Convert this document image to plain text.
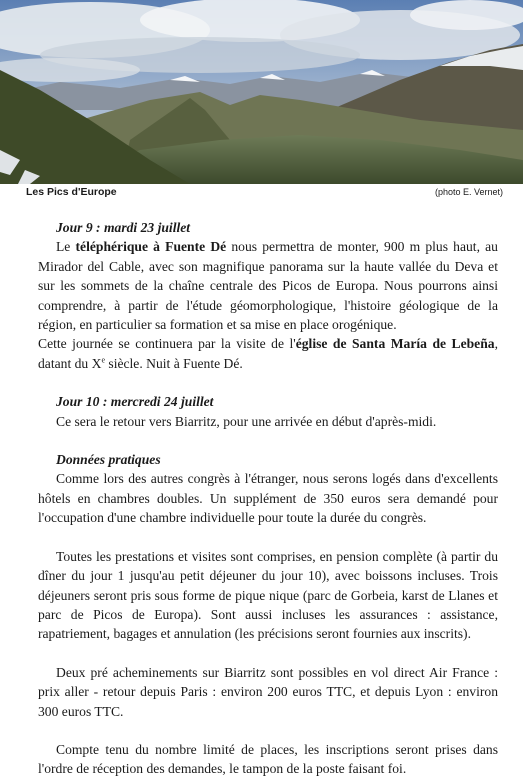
Les Pics d'Europe	(photo E. Vernet)

Jour 9 : mardi 23 juillet

Le téléphérique à Fuente Dé nous permettra de monter, 900 m plus haut, au Mirador del Cable, avec son magnifique panorama sur la haute vallée du Deva et sur les sommets de la chaîne centrale des Picos de Europa. Nous pourrons ainsi comprendre, à partir de l'étude géomorphologique, l'histoire géologique de la région, en particulier sa formation et sa mise en place orogénique.

Cette journée se continuera par la visite de l'église de Santa María de Lebeña, datant du Xe siècle. Nuit à Fuente Dé.

Jour 10 : mercredi 24 juillet

Ce sera le retour vers Biarritz, pour une arrivée en début d'après-midi.

Données pratiques

Comme lors des autres congrès à l'étranger, nous serons logés dans d'excellents hôtels en chambres doubles. Un supplément de 350 euros sera demandé pour l'occupation d'une chambre individuelle pour toute la durée du congrès.

Toutes les prestations et visites sont comprises, en pension complète (à partir du dîner du jour 1 jusqu'au petit déjeuner du jour 10), avec boissons incluses. Trois déjeuners seront pris sous forme de pique nique (parc de Gorbeia, karst de Llanes et parc de Picos de Europa). Sont aussi incluses les assurances : assistance, rapatriement, bagages et annulation (les précisions seront fournies aux inscrits).

Deux pré acheminements sur Biarritz sont possibles en vol direct Air France : prix aller - retour depuis Paris : environ 200 euros TTC, et depuis Lyon : environ 300 euros TTC.

Compte tenu du nombre limité de places, les inscriptions seront prises dans l'ordre de réception des demandes, le tampon de la poste faisant foi.
